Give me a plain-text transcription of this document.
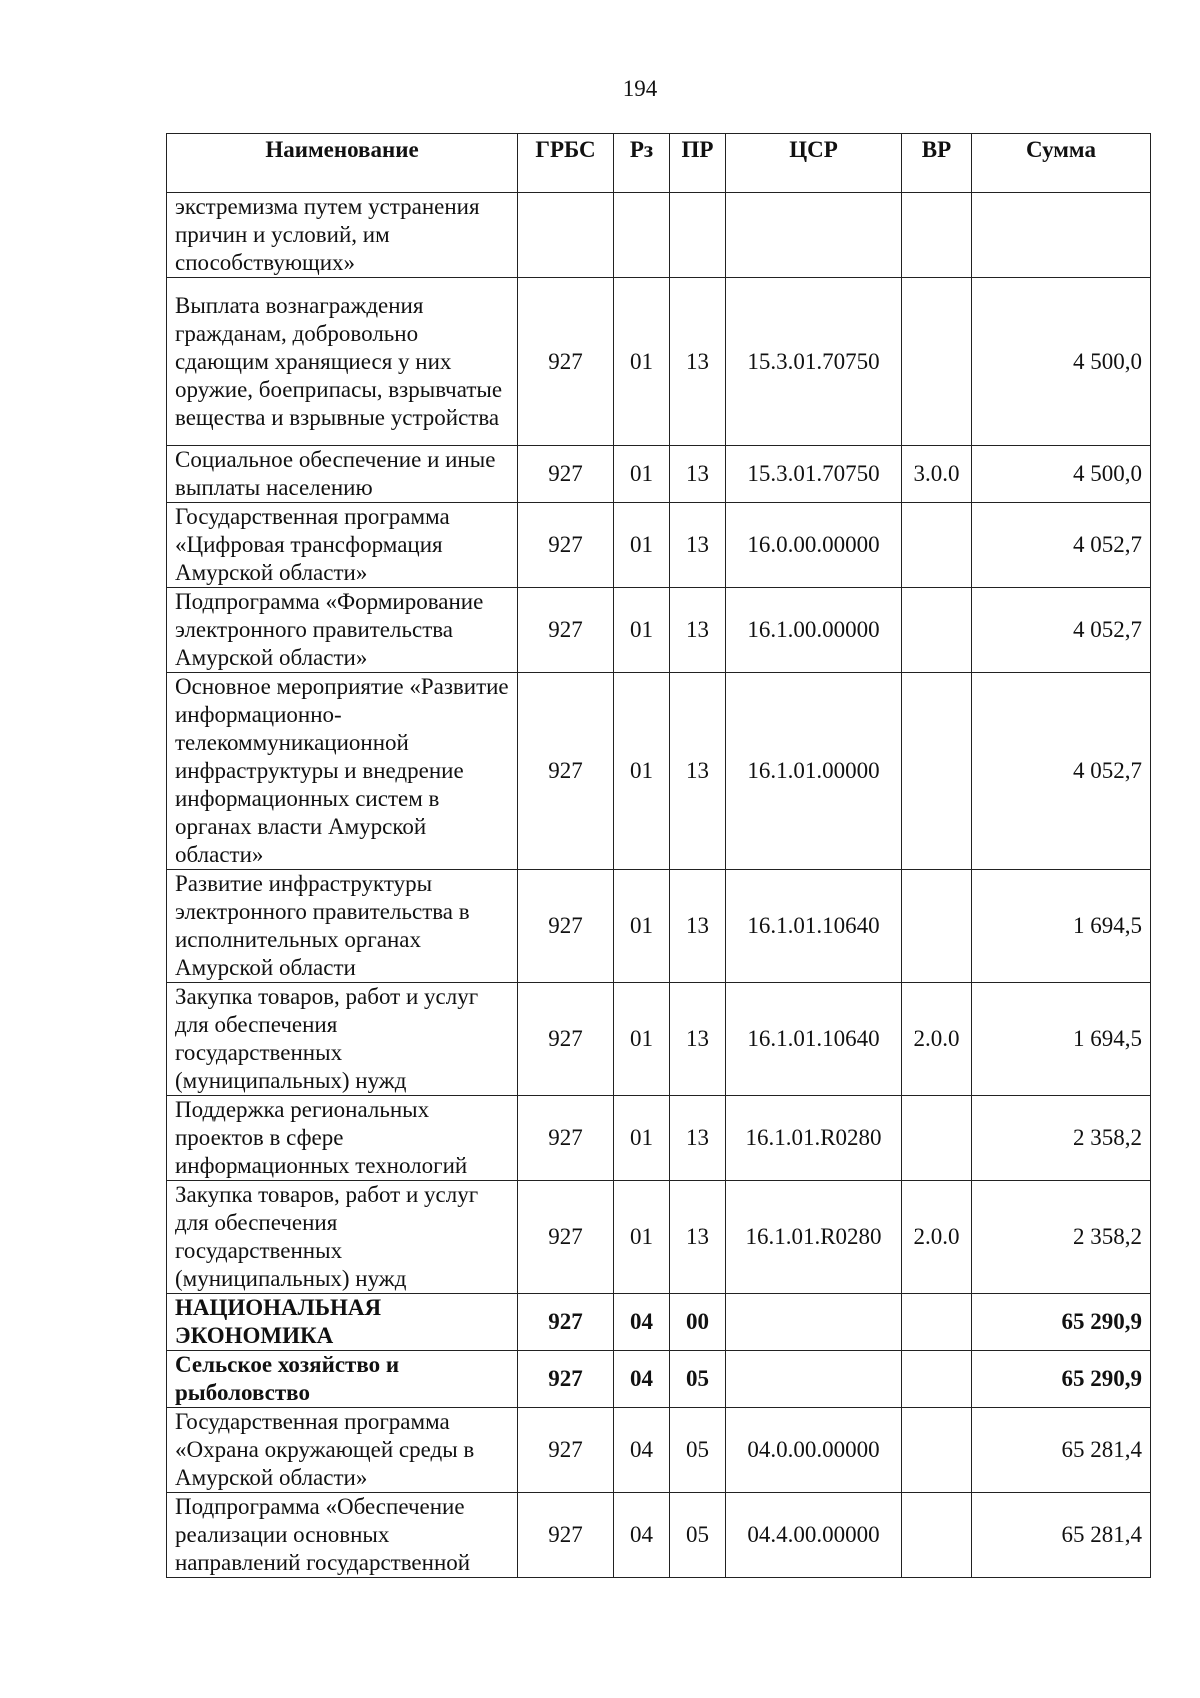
194
Наименование	ГРБС	Рз	ПР	ЦСР	ВР	Сумма
экстремизма путем устранения причин и условий, им способствующих»						
Выплата вознаграждения гражданам, добровольно сдающим хранящиеся у них оружие, боеприпасы, взрывчатые вещества и взрывные устройства	927	01	13	15.3.01.70750		4 500,0
Социальное обеспечение и иные выплаты населению	927	01	13	15.3.01.70750	3.0.0	4 500,0
Государственная программа «Цифровая трансформация Амурской области»	927	01	13	16.0.00.00000		4 052,7
Подпрограмма «Формирование электронного правительства Амурской области»	927	01	13	16.1.00.00000		4 052,7
Основное мероприятие «Развитие информационно-телекоммуникационной инфраструктуры и внедрение информационных систем в органах власти Амурской области»	927	01	13	16.1.01.00000		4 052,7
Развитие инфраструктуры электронного правительства в исполнительных органах Амурской области	927	01	13	16.1.01.10640		1 694,5
Закупка товаров, работ и услуг для обеспечения государственных (муниципальных) нужд	927	01	13	16.1.01.10640	2.0.0	1 694,5
Поддержка региональных проектов в сфере информационных технологий	927	01	13	16.1.01.R0280		2 358,2
Закупка товаров, работ и услуг для обеспечения государственных (муниципальных) нужд	927	01	13	16.1.01.R0280	2.0.0	2 358,2
НАЦИОНАЛЬНАЯ ЭКОНОМИКА	927	04	00			65 290,9
Сельское хозяйство и рыболовство	927	04	05			65 290,9
Государственная программа «Охрана окружающей среды в Амурской области»	927	04	05	04.0.00.00000		65 281,4
Подпрограмма «Обеспечение реализации основных направлений государственной	927	04	05	04.4.00.00000		65 281,4
